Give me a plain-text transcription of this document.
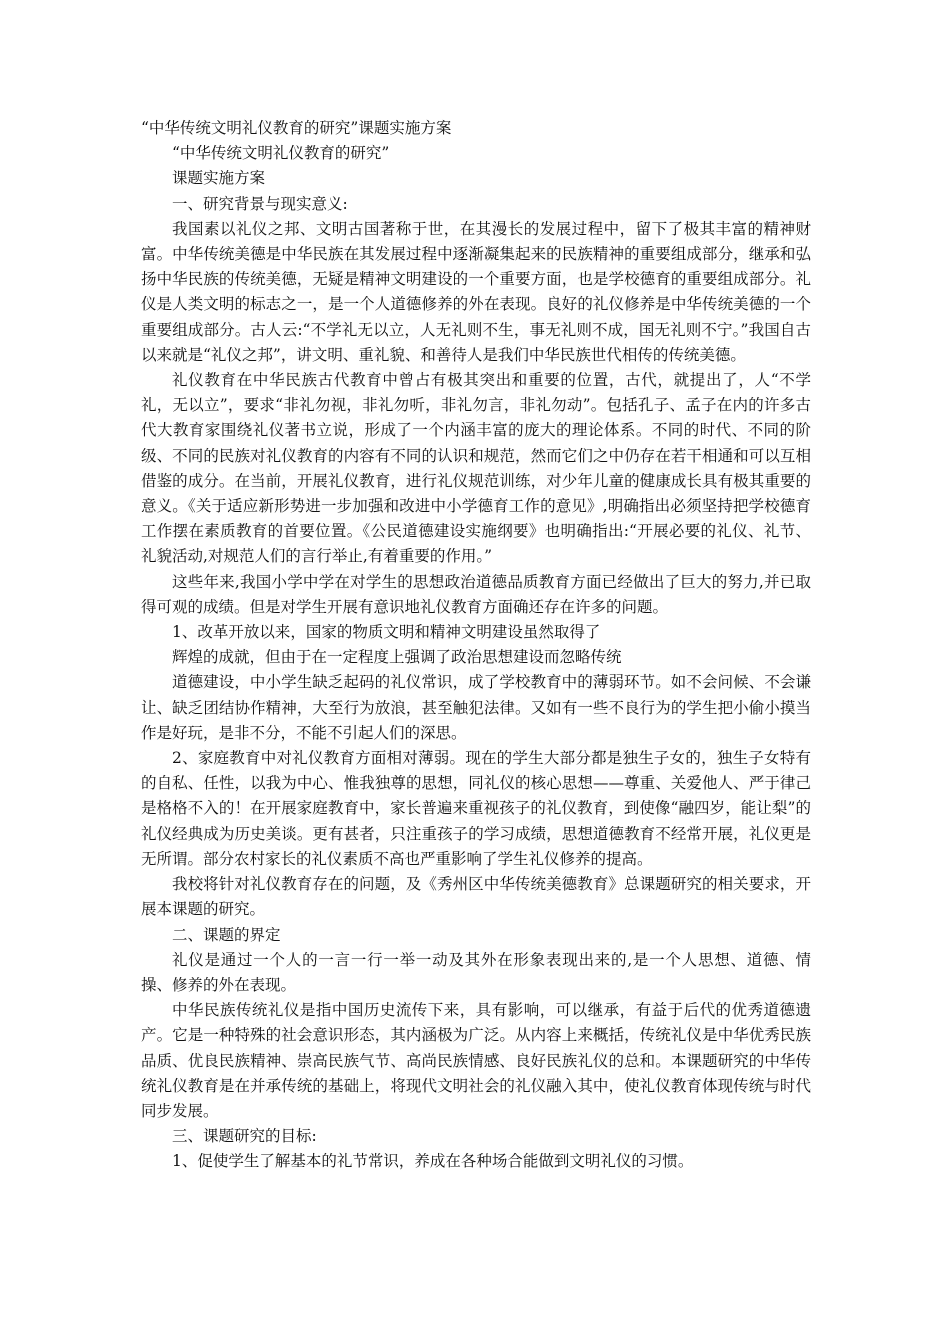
“中华传统文明礼仪教育的研究”课题实施方案

“中华传统文明礼仪教育的研究”

课题实施方案

一、研究背景与现实意义:

我国素以礼仪之邦、文明古国著称于世，在其漫长的发展过程中，留下了极其丰富的精神财富。中华传统美德是中华民族在其发展过程中逐渐凝集起来的民族精神的重要组成部分，继承和弘扬中华民族的传统美德，无疑是精神文明建设的一个重要方面，也是学校德育的重要组成部分。礼仪是人类文明的标志之一，是一个人道德修养的外在表现。良好的礼仪修养是中华传统美德的一个重要组成部分。古人云:“不学礼无以立，人无礼则不生，事无礼则不成，国无礼则不宁。”我国自古以来就是“礼仪之邦”，讲文明、重礼貌、和善待人是我们中华民族世代相传的传统美德。

礼仪教育在中华民族古代教育中曾占有极其突出和重要的位置，古代，就提出了，人“不学礼，无以立”，要求“非礼勿视，非礼勿听，非礼勿言，非礼勿动”。包括孔子、孟子在内的许多古代大教育家围绕礼仪著书立说，形成了一个内涵丰富的庞大的理论体系。不同的时代、不同的阶级、不同的民族对礼仪教育的内容有不同的认识和规范，然而它们之中仍存在若干相通和可以互相借鉴的成分。在当前，开展礼仪教育，进行礼仪规范训练，对少年儿童的健康成长具有极其重要的意义。《关于适应新形势进一步加强和改进中小学德育工作的意见》,明确指出必须坚持把学校德育工作摆在素质教育的首要位置。《公民道德建设实施纲要》也明确指出:“开展必要的礼仪、礼节、礼貌活动,对规范人们的言行举止,有着重要的作用。”

这些年来,我国小学中学在对学生的思想政治道德品质教育方面已经做出了巨大的努力,并已取得可观的成绩。但是对学生开展有意识地礼仪教育方面确还存在许多的问题。

1、改革开放以来，国家的物质文明和精神文明建设虽然取得了

辉煌的成就，但由于在一定程度上强调了政治思想建设而忽略传统

道德建设，中小学生缺乏起码的礼仪常识，成了学校教育中的薄弱环节。如不会问候、不会谦让、缺乏团结协作精神，大至行为放浪，甚至触犯法律。又如有一些不良行为的学生把小偷小摸当作是好玩，是非不分，不能不引起人们的深思。

2、家庭教育中对礼仪教育方面相对薄弱。现在的学生大部分都是独生子女的，独生子女特有的自私、任性，以我为中心、惟我独尊的思想，同礼仪的核心思想——尊重、关爱他人、严于律己是格格不入的！在开展家庭教育中，家长普遍来重视孩子的礼仪教育，到使像“融四岁，能让梨”的礼仪经典成为历史美谈。更有甚者，只注重孩子的学习成绩，思想道德教育不经常开展，礼仪更是无所谓。部分农村家长的礼仪素质不高也严重影响了学生礼仪修养的提高。

我校将针对礼仪教育存在的问题，及《秀州区中华传统美德教育》总课题研究的相关要求，开展本课题的研究。

二、课题的界定

礼仪是通过一个人的一言一行一举一动及其外在形象表现出来的,是一个人思想、道德、情操、修养的外在表现。

中华民族传统礼仪是指中国历史流传下来，具有影响，可以继承，有益于后代的优秀道德遗产。它是一种特殊的社会意识形态，其内涵极为广泛。从内容上来概括，传统礼仪是中华优秀民族品质、优良民族精神、崇高民族气节、高尚民族情感、良好民族礼仪的总和。本课题研究的中华传统礼仪教育是在并承传统的基础上，将现代文明社会的礼仪融入其中，使礼仪教育体现传统与时代同步发展。

三、课题研究的目标:

1、促使学生了解基本的礼节常识，养成在各种场合能做到文明礼仪的习惯。
